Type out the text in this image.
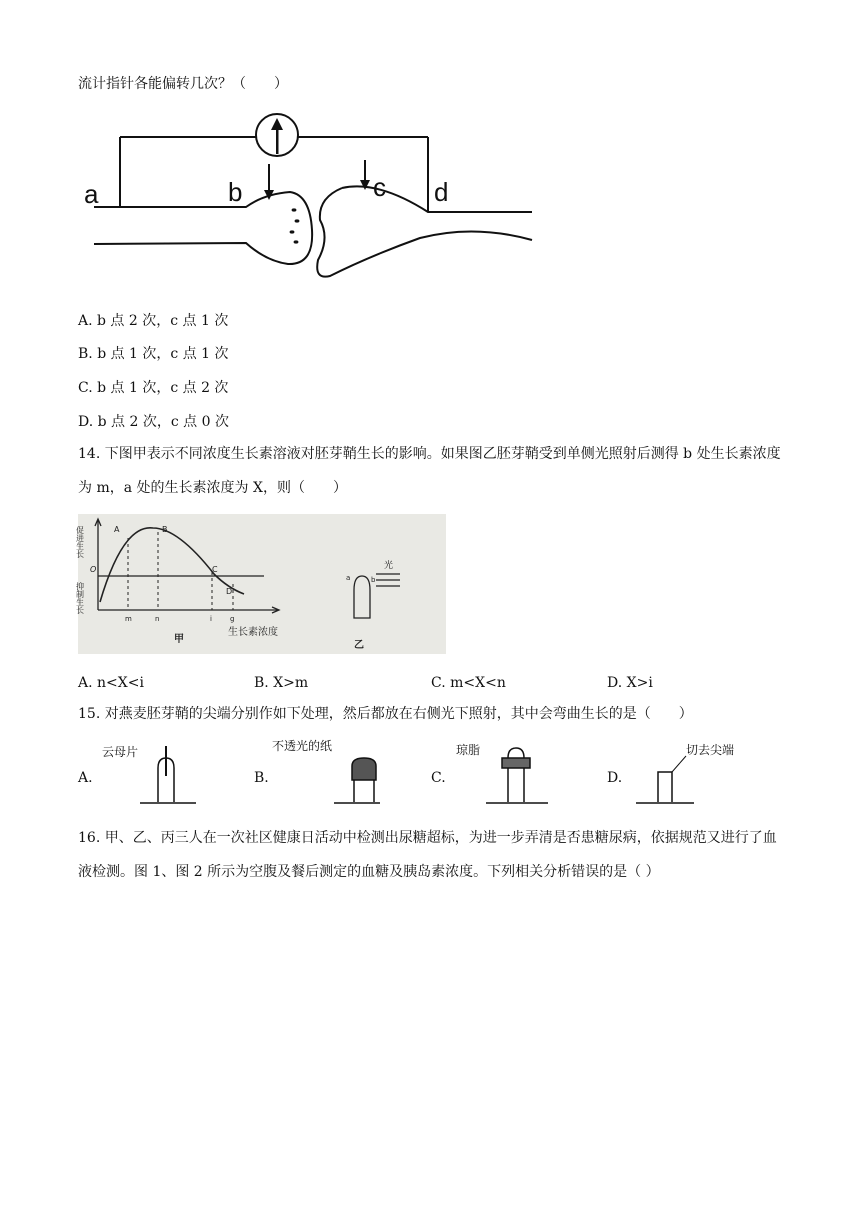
流计指针各能偏转几次？（　　）
a	b	c d
A. b 点 2 次，c 点 1 次
B. b 点 1 次，c 点 1 次
C. b 点 1 次，c 点 2 次
D. b 点 2 次，c 点 0 次
14. 下图甲表示不同浓度生长素溶液对胚芽鞘生长的影响。如果图乙胚芽鞘受到单侧光照射后测得 b 处生长素浓度为 m，a 处的生长素浓度为 X，则（　　）
促进生长
抑制生长
O
A	B
C
D
m	n	i	g
生长素浓度
甲
乙
光
a	b
A. n<X<i	B. X>m	C. m<X<n	D. X>i
15. 对燕麦胚芽鞘的尖端分别作如下处理，然后都放在右侧光下照射，其中会弯曲生长的是（　　）
A.
云母片
B.
不透光的纸
C.
琼脂
D.
切去尖端
16. 甲、乙、丙三人在一次社区健康日活动中检测出尿糖超标，为进一步弄清是否患糖尿病，依据规范又进行了血液检测。图 1、图 2 所示为空腹及餐后测定的血糖及胰岛素浓度。下列相关分析错误的是（ ）
